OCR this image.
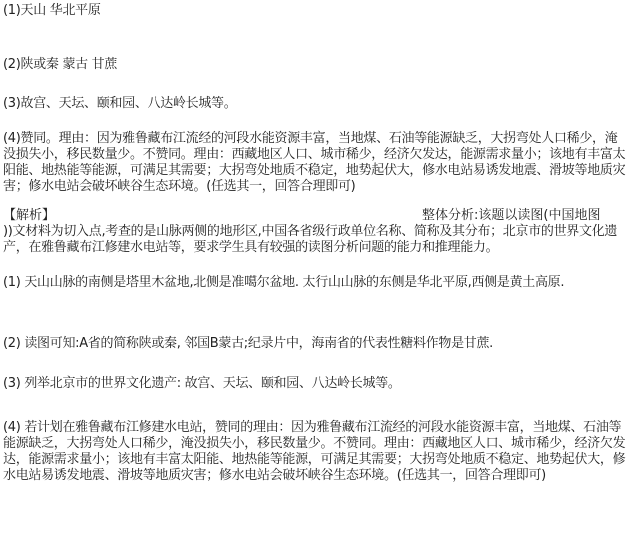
(1)天山 华北平原
(2)陕或秦 蒙古 甘蔗
(3)故宫、天坛、颐和园、八达岭长城等。
(4)赞同。理由：因为雅鲁藏布江流经的河段水能资源丰富，当地煤、石油等能源缺乏，大拐弯处人口稀少，淹没损失小，移民数量少。不赞同。理由：西藏地区人口、城市稀少，经济欠发达，能源需求量小；该地有丰富太阳能、地热能等能源，可满足其需要；大拐弯处地质不稳定，地势起伏大，修水电站易诱发地震、滑坡等地质灾害；修水电站会破坏峡谷生态环境。(任选其一，回答合理即可)
【解析】	整体分析:该题以读图(中国地图
))文材料为切入点,考查的是山脉两侧的地形区,中国各省级行政单位名称、简称及其分布；北京市的世界文化遗产，在雅鲁藏布江修建水电站等，要求学生具有较强的读图分析问题的能力和推理能力。
(1) 天山山脉的南侧是塔里木盆地,北侧是准噶尔盆地. 太行山山脉的东侧是华北平原,西侧是黄土高原.
(2) 读图可知:A省的简称陕或秦, 邻国B蒙古;纪录片中，海南省的代表性糖料作物是甘蔗.
(3) 列举北京市的世界文化遗产: 故宫、天坛、颐和园、八达岭长城等。
(4) 若计划在雅鲁藏布江修建水电站，赞同的理由：因为雅鲁藏布江流经的河段水能资源丰富，当地煤、石油等能源缺乏，大拐弯处人口稀少，淹没损失小，移民数量少。不赞同。理由：西藏地区人口、城市稀少，经济欠发达，能源需求量小；该地有丰富太阳能、地热能等能源，可满足其需要；大拐弯处地质不稳定、地势起伏大，修水电站易诱发地震、滑坡等地质灾害；修水电站会破坏峡谷生态环境。(任选其一，回答合理即可)
